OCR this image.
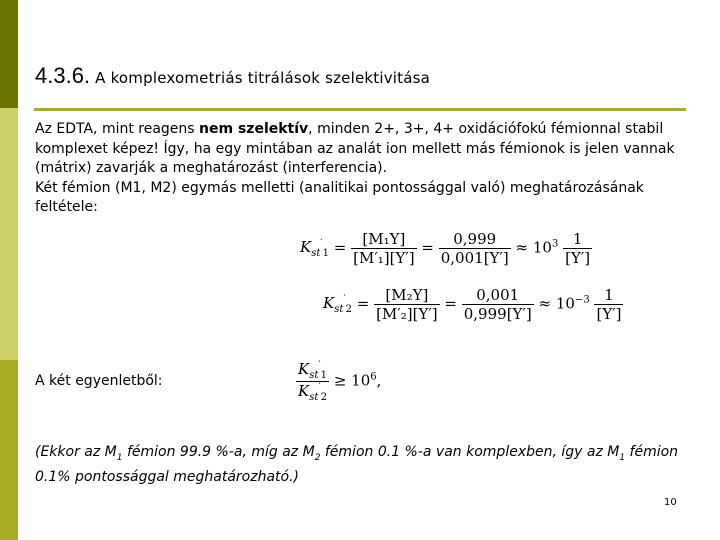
4.3.6. A komplexometriás titrálások szelektivitása
Az EDTA, mint reagens nem szelektív, minden 2+, 3+, 4+ oxidációfokú fémionnal stabil komplexet képez! Így, ha egy mintában az analát ion mellett más fémionok is jelen vannak (mátrix) zavarják a meghatározást (interferencia).
Két fémion (M1, M2) egymás melletti (analitikai pontossággal való) meghatározásának feltétele:
$K_{st}'_1 = \frac{\text{[M₁Y]}}{\text{[M′₁][Y′]}} = \frac{0,999}{0,001[Y']} \approx 10^3 \frac{1}{[Y']}$
$K_{st}'_2 = \frac{\text{[M₂Y]}}{\text{[M′₂][Y′]}} = \frac{0,001}{0,999[Y']} \approx 10^{-3} \frac{1}{[Y']}$
A két egyenletből:	$\frac{K_{st}'_1}{K_{st}'_2} \ge 10^6$,
(Ekkor az $M_1$ fémion 99.9 %-a, míg az $M_2$ fémion 0.1 %-a van komplexben, így az $M_1$ fémion 0.1% pontossággal meghatározható.)
10
